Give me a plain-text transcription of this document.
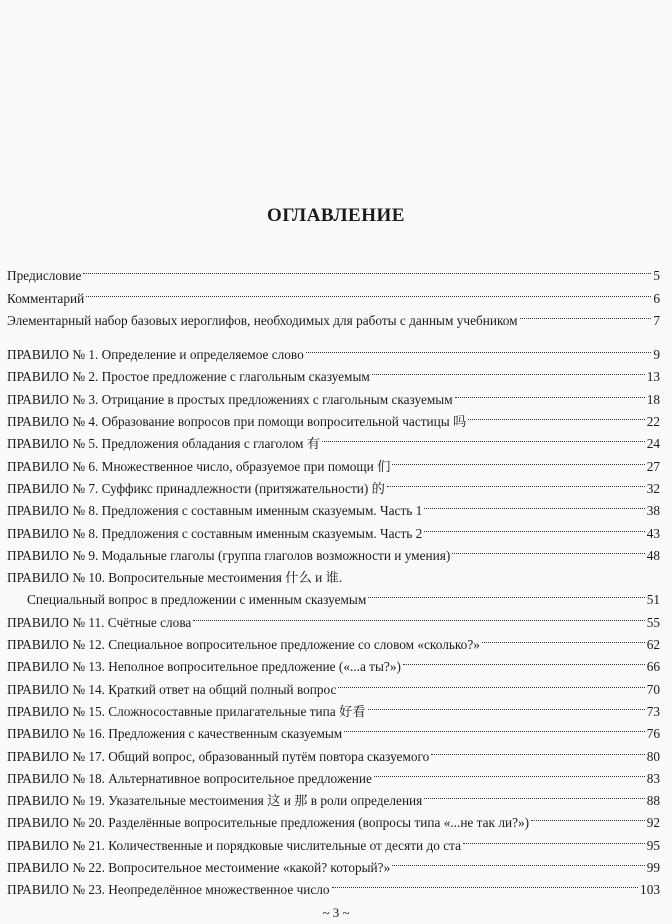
ОГЛАВЛЕНИЕ
Предисловие	5
Комментарий	6
Элементарный набор базовых иероглифов, необходимых для работы с данным учебником	7
ПРАВИЛО № 1. Определение и определяемое слово	9
ПРАВИЛО № 2. Простое предложение с глагольным сказуемым	13
ПРАВИЛО № 3. Отрицание в простых предложениях с глагольным сказуемым	18
ПРАВИЛО № 4. Образование вопросов при помощи вопросительной частицы 吗	22
ПРАВИЛО № 5. Предложения обладания с глаголом 有	24
ПРАВИЛО № 6. Множественное число, образуемое при помощи 们	27
ПРАВИЛО № 7. Суффикс принадлежности (притяжательности) 的	32
ПРАВИЛО № 8. Предложения с составным именным сказуемым. Часть 1	38
ПРАВИЛО № 8. Предложения с составным именным сказуемым. Часть 2	43
ПРАВИЛО № 9. Модальные глаголы (группа глаголов возможности и умения)	48
ПРАВИЛО № 10. Вопросительные местоимения 什么 и 谁.
Специальный вопрос в предложении с именным сказуемым	51
ПРАВИЛО № 11. Счётные слова	55
ПРАВИЛО № 12. Специальное вопросительное предложение со словом «сколько?»	62
ПРАВИЛО № 13. Неполное вопросительное предложение («...а ты?»)	66
ПРАВИЛО № 14. Краткий ответ на общий полный вопрос	70
ПРАВИЛО № 15. Сложносоставные прилагательные типа 好看	73
ПРАВИЛО № 16. Предложения с качественным сказуемым	76
ПРАВИЛО № 17. Общий вопрос, образованный путём повтора сказуемого	80
ПРАВИЛО № 18. Альтернативное вопросительное предложение	83
ПРАВИЛО № 19. Указательные местоимения 这 и 那 в роли определения	88
ПРАВИЛО № 20. Разделённые вопросительные предложения (вопросы типа «...не так ли?»)	92
ПРАВИЛО № 21. Количественные и порядковые числительные от десяти до ста	95
ПРАВИЛО № 22. Вопросительное местоимение «какой? который?»	99
ПРАВИЛО № 23. Неопределённое множественное число	103
~ 3 ~
